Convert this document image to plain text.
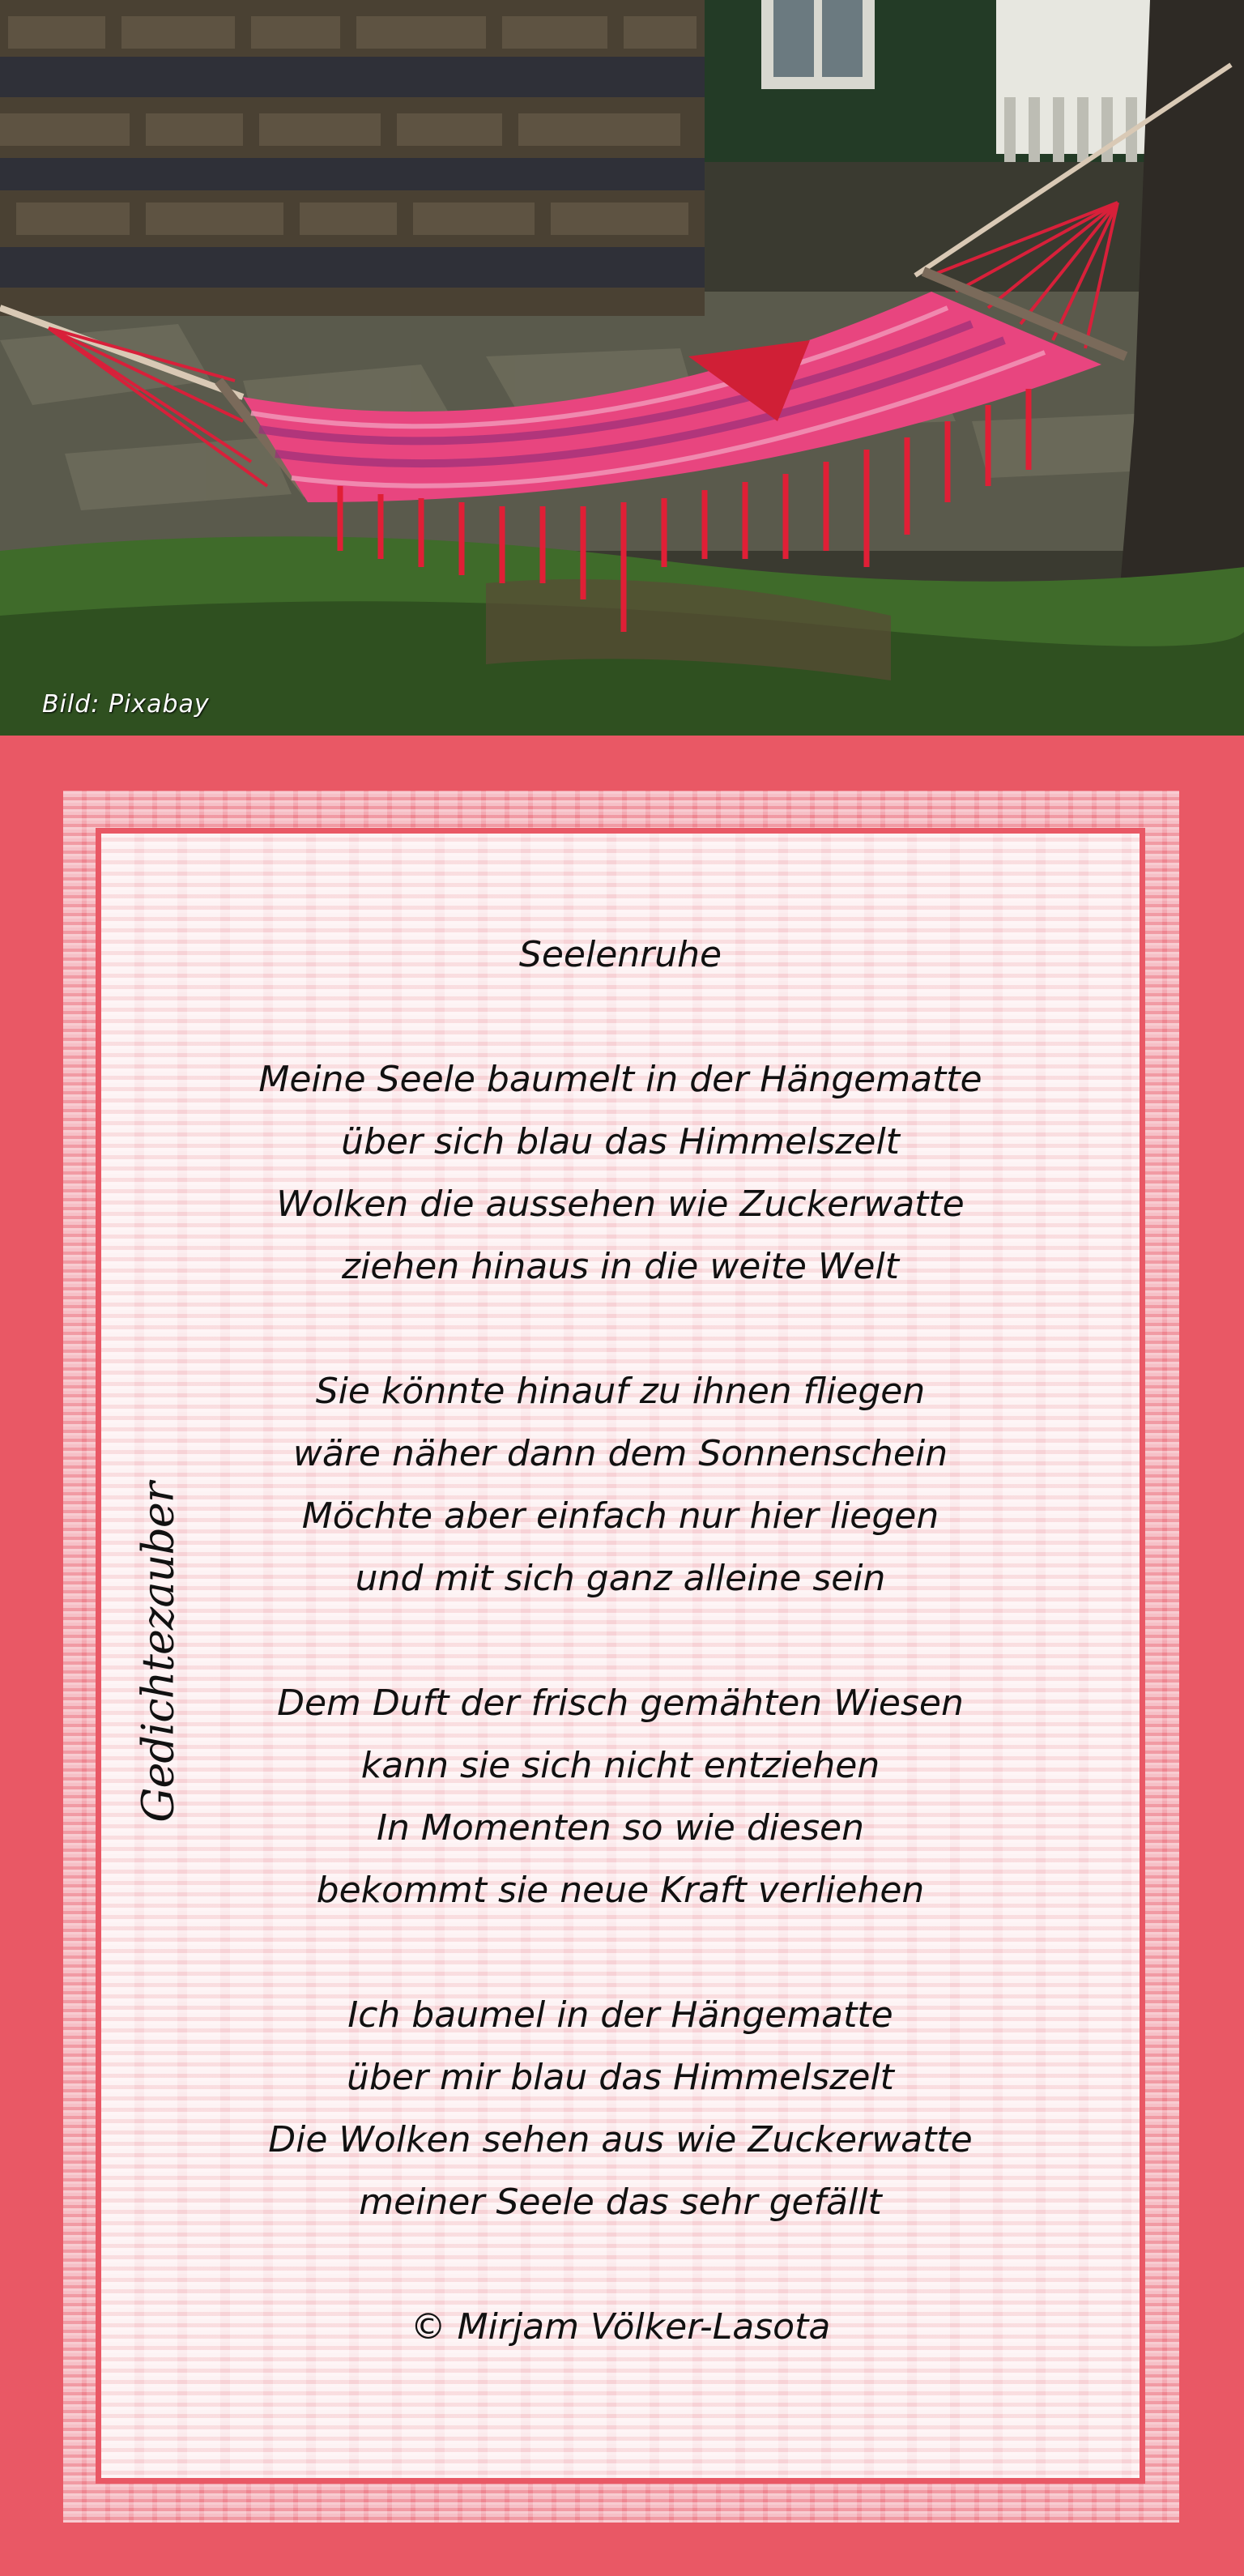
Bild: Pixabay
Gedichtezauber
Seelenruhe
Meine Seele baumelt in der Hängematte
über sich blau das Himmelszelt
Wolken die aussehen wie Zuckerwatte
ziehen hinaus in die weite Welt
Sie könnte hinauf zu ihnen fliegen
wäre näher dann dem Sonnenschein
Möchte aber einfach nur hier liegen
und mit sich ganz alleine sein
Dem Duft der frisch gemähten Wiesen
kann sie sich nicht entziehen
In Momenten so wie diesen
bekommt sie neue Kraft verliehen
Ich baumel in der Hängematte
über mir blau das Himmelszelt
Die Wolken sehen aus wie Zuckerwatte
meiner Seele das sehr gefällt
© Mirjam Völker-Lasota
